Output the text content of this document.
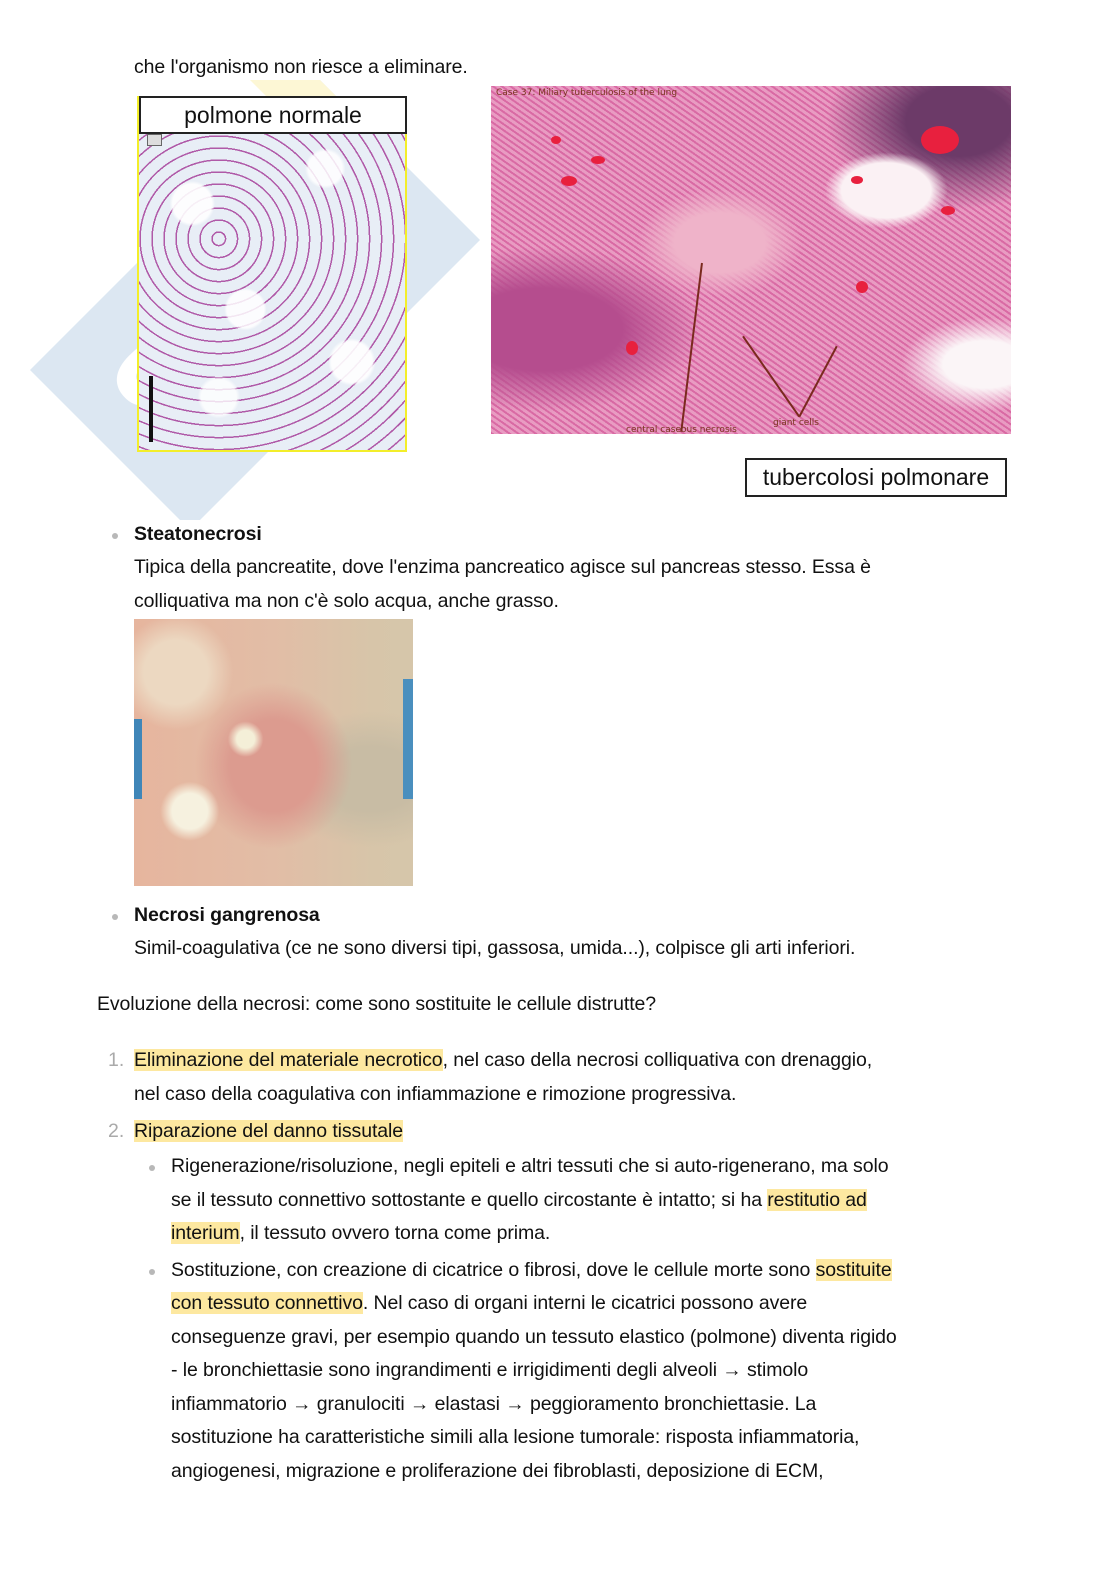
che l'organismo non riesce a eliminare.
polmone normale
Case 37: Miliary tuberculosis of the lung
central caseous necrosis
giant cells
tubercolosi polmonare
Steatonecrosi
Tipica della pancreatite, dove l'enzima pancreatico agisce sul pancreas stesso. Essa è
colliquativa ma non c'è solo acqua, anche grasso.
Necrosi gangrenosa
Simil-coagulativa (ce ne sono diversi tipi, gassosa, umida...), colpisce gli arti inferiori.
Evoluzione della necrosi: come sono sostituite le cellule distrutte?
1. Eliminazione del materiale necrotico, nel caso della necrosi colliquativa con drenaggio,
nel caso della coagulativa con infiammazione e rimozione progressiva.
2. Riparazione del danno tissutale
Rigenerazione/risoluzione, negli epiteli e altri tessuti che si auto-rigenerano, ma solo
se il tessuto connettivo sottostante e quello circostante è intatto; si ha restitutio ad
interium, il tessuto ovvero torna come prima.
Sostituzione, con creazione di cicatrice o fibrosi, dove le cellule morte sono sostituite
con tessuto connettivo. Nel caso di organi interni le cicatrici possono avere
conseguenze gravi, per esempio quando un tessuto elastico (polmone) diventa rigido
- le bronchiettasie sono ingrandimenti e irrigidimenti degli alveoli → stimolo
infiammatorio → granulociti → elastasi → peggioramento bronchiettasie. La
sostituzione ha caratteristiche simili alla lesione tumorale: risposta infiammatoria,
angiogenesi, migrazione e proliferazione dei fibroblasti, deposizione di ECM,
